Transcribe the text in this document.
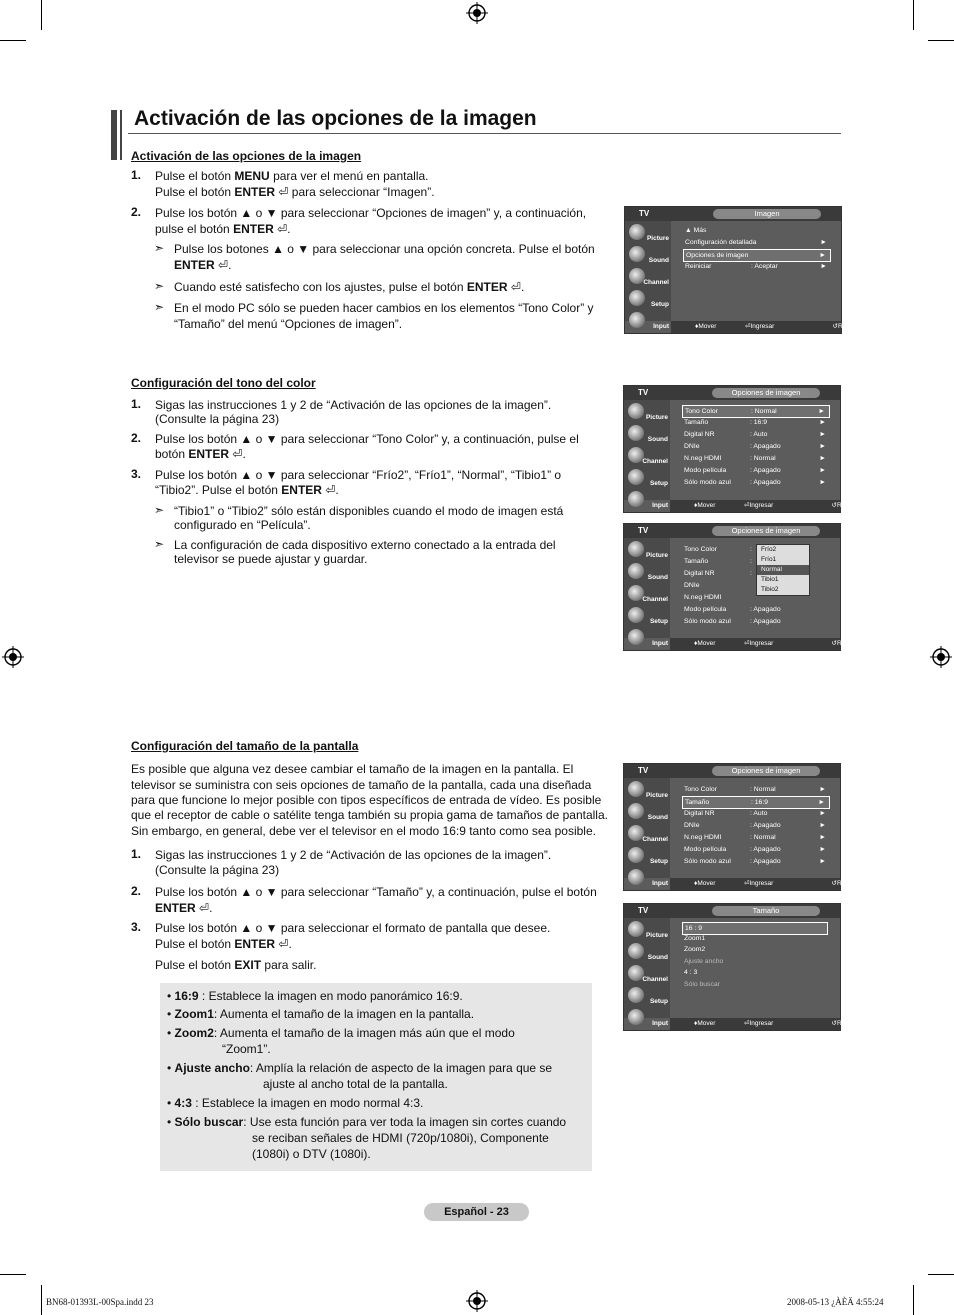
Activación de las opciones de la imagen
Activación de las opciones de la imagen
1. Pulse el botón MENU para ver el menú en pantalla.
Pulse el botón ENTER ⏎ para seleccionar “Imagen”.
2. Pulse los botón ▲ o ▼ para seleccionar “Opciones de imagen” y, a continuación,
pulse el botón ENTER ⏎.
➣ Pulse los botones ▲ o ▼ para seleccionar una opción concreta. Pulse el botón
ENTER ⏎.
➣ Cuando esté satisfecho con los ajustes, pulse el botón ENTER ⏎.
➣ En el modo PC sólo se pueden hacer cambios en los elementos “Tono Color” y
“Tamaño” del menú “Opciones de imagen”.
TV	Imagen
Picture
Sound
Channel
Setup
Input
▲ Más
Configuración detallada	►
Opciones de imagen	►
Reiniciar	: Aceptar	►
♦ Mover	⏎ Ingresar	↺ Regresar
Configuración del tono del color
1. Sigas las instrucciones 1 y 2 de “Activación de las opciones de la imagen”.
(Consulte la página 23)
2. Pulse los botón ▲ o ▼ para seleccionar “Tono Color” y, a continuación, pulse el
botón ENTER ⏎.
3. Pulse los botón ▲ o ▼ para seleccionar “Frío2”, “Frío1”, “Normal”, “Tibio1” o
“Tibio2”. Pulse el botón ENTER ⏎.
➣ “Tibio1” o “Tibio2” sólo están disponibles cuando el modo de imagen está
configurado en “Película”.
➣ La configuración de cada dispositivo externo conectado a la entrada del
televisor se puede ajustar y guardar.
TV	Opciones de imagen
Picture
Sound
Channel
Setup
Input
Tono Color	: Normal	►
Tamaño	: 16:9	►
Digital NR	: Auto	►
DNIe	: Apagado	►
N.neg HDMI	: Normal	►
Modo película	: Apagado	►
Sólo modo azul	: Apagado	►
♦ Mover	⏎ Ingresar	↺ Regresar
TV	Opciones de imagen
Picture
Sound
Channel
Setup
Input
Tono Color	:
Tamaño	:
Digital NR	:
DNIe
N.neg HDMI
Modo película	: Apagado
Sólo modo azul	: Apagado
Frío2
Frío1
Normal
Tibio1
Tibio2
♦ Mover	⏎ Ingresar	↺ Regresar
Configuración del tamaño de la pantalla
Es posible que alguna vez desee cambiar el tamaño de la imagen en la pantalla. El
televisor se suministra con seis opciones de tamaño de la pantalla, cada una diseñada
para que funcione lo mejor posible con tipos específicos de entrada de vídeo. Es posible
que el receptor de cable o satélite tenga también su propia gama de tamaños de pantalla.
Sin embargo, en general, debe ver el televisor en el modo 16:9 tanto como sea posible.
1. Sigas las instrucciones 1 y 2 de “Activación de las opciones de la imagen”.
(Consulte la página 23)
2. Pulse los botón ▲ o ▼ para seleccionar “Tamaño” y, a continuación, pulse el botón
ENTER ⏎.
3. Pulse los botón ▲ o ▼ para seleccionar el formato de pantalla que desee.
Pulse el botón ENTER ⏎.
Pulse el botón EXIT para salir.
• 16:9 : Establece la imagen en modo panorámico 16:9.
• Zoom1: Aumenta el tamaño de la imagen en la pantalla.
• Zoom2: Aumenta el tamaño de la imagen más aún que el modo
“Zoom1”.
• Ajuste ancho: Amplía la relación de aspecto de la imagen para que se
ajuste al ancho total de la pantalla.
• 4:3 : Establece la imagen en modo normal 4:3.
• Sólo buscar: Use esta función para ver toda la imagen sin cortes cuando
se reciban señales de HDMI (720p/1080i), Componente
(1080i) o DTV (1080i).
TV	Opciones de imagen
Picture
Sound
Channel
Setup
Input
Tono Color	: Normal	►
Tamaño	: 16:9	►
Digital NR	: Auto	►
DNIe	: Apagado	►
N.neg HDMI	: Normal	►
Modo película	: Apagado	►
Sólo modo azul	: Apagado	►
♦ Mover	⏎ Ingresar	↺ Regresar
TV	Tamaño
Picture
Sound
Channel
Setup
Input
16 : 9
Zoom1
Zoom2
Ajuste ancho
4 : 3
Sólo buscar
♦ Mover	⏎ Ingresar	↺ Regresar
Español - 23
BN68-01393L-00Spa.indd 23	2008-05-13 ¿ÀÈÄ 4:55:24
